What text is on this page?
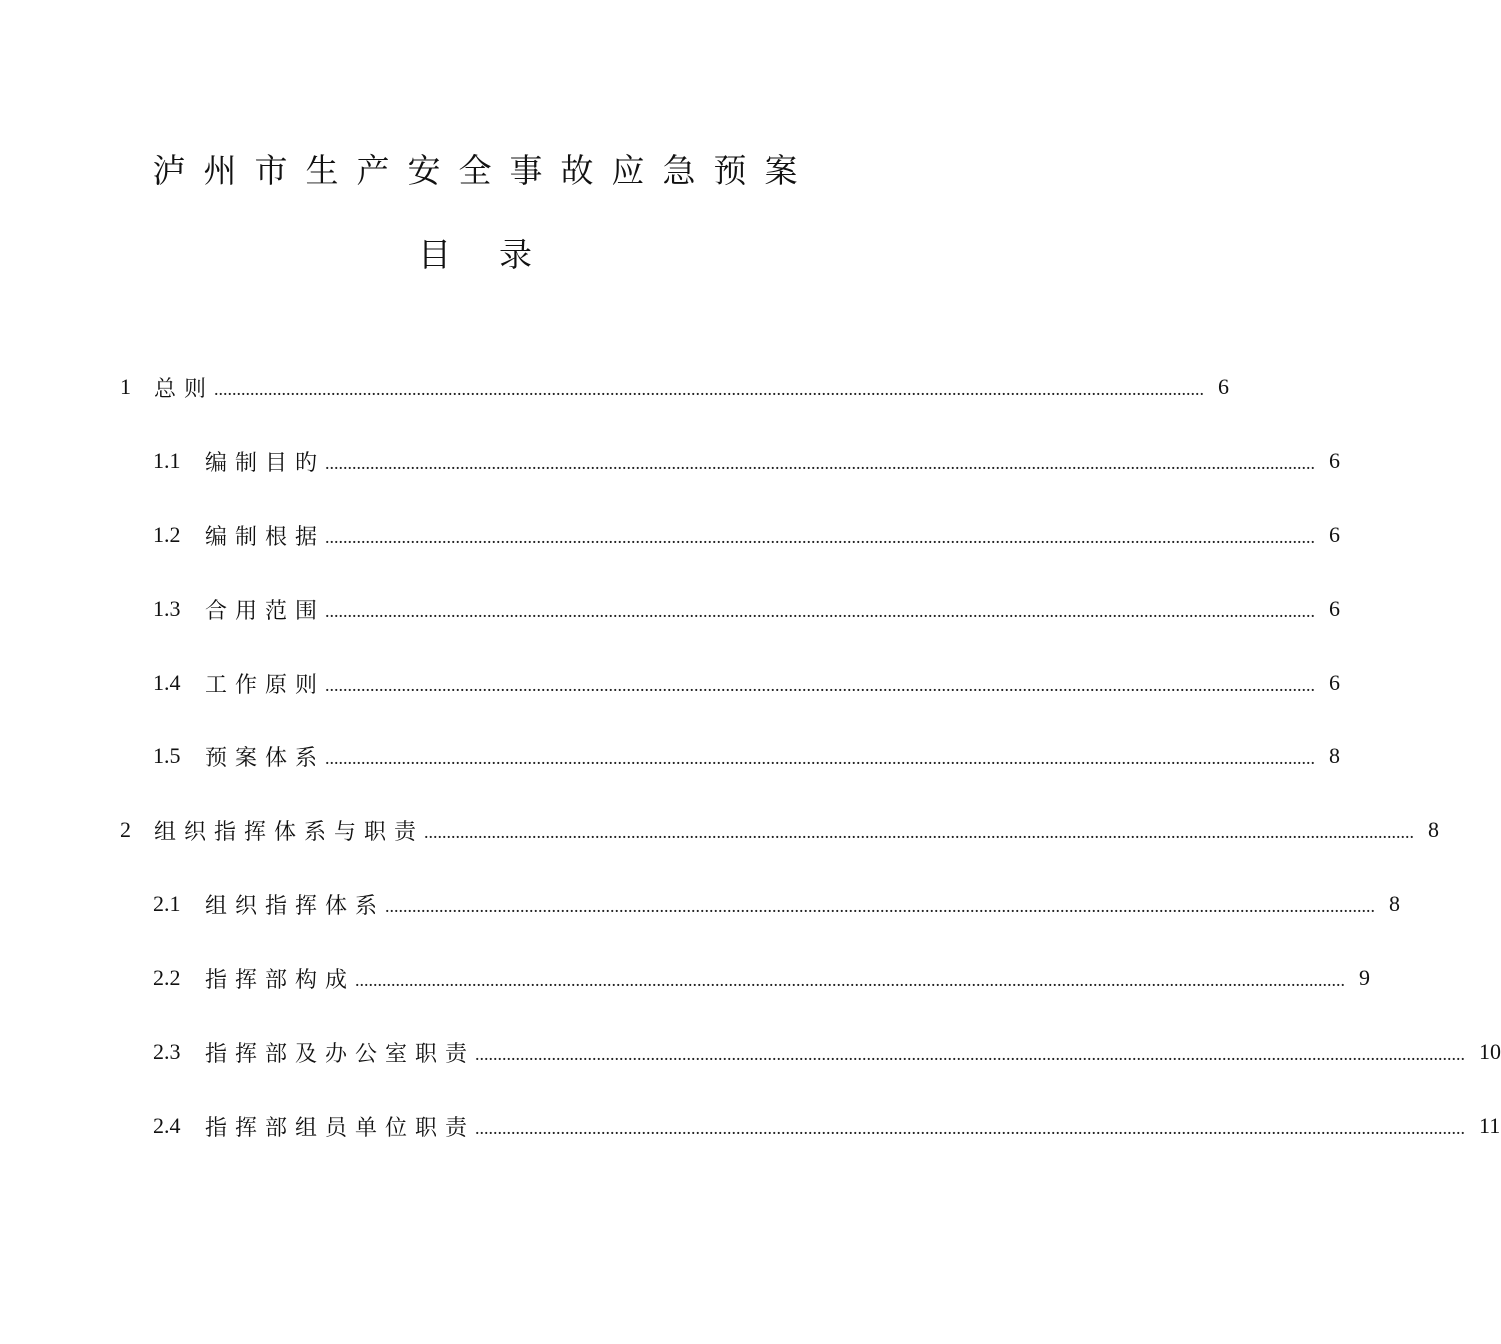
泸州市生产安全事故应急预案
目录
1	总则 ............................................................................................................................................................................................................................ 6
1.1	编制目旳 ............................................................................................................................................................................................................................ 6
1.2	编制根据 ............................................................................................................................................................................................................................ 6
1.3	合用范围 ............................................................................................................................................................................................................................ 6
1.4	工作原则 ............................................................................................................................................................................................................................ 6
1.5	预案体系 ............................................................................................................................................................................................................................ 8
2	组织指挥体系与职责 ............................................................................................................................................................................................................................ 8
2.1	组织指挥体系 ............................................................................................................................................................................................................................ 8
2.2	指挥部构成 ............................................................................................................................................................................................................................ 9
2.3	指挥部及办公室职责 ............................................................................................................................................................................................................................ 10
2.4	指挥部组员单位职责 ............................................................................................................................................................................................................................ 11
